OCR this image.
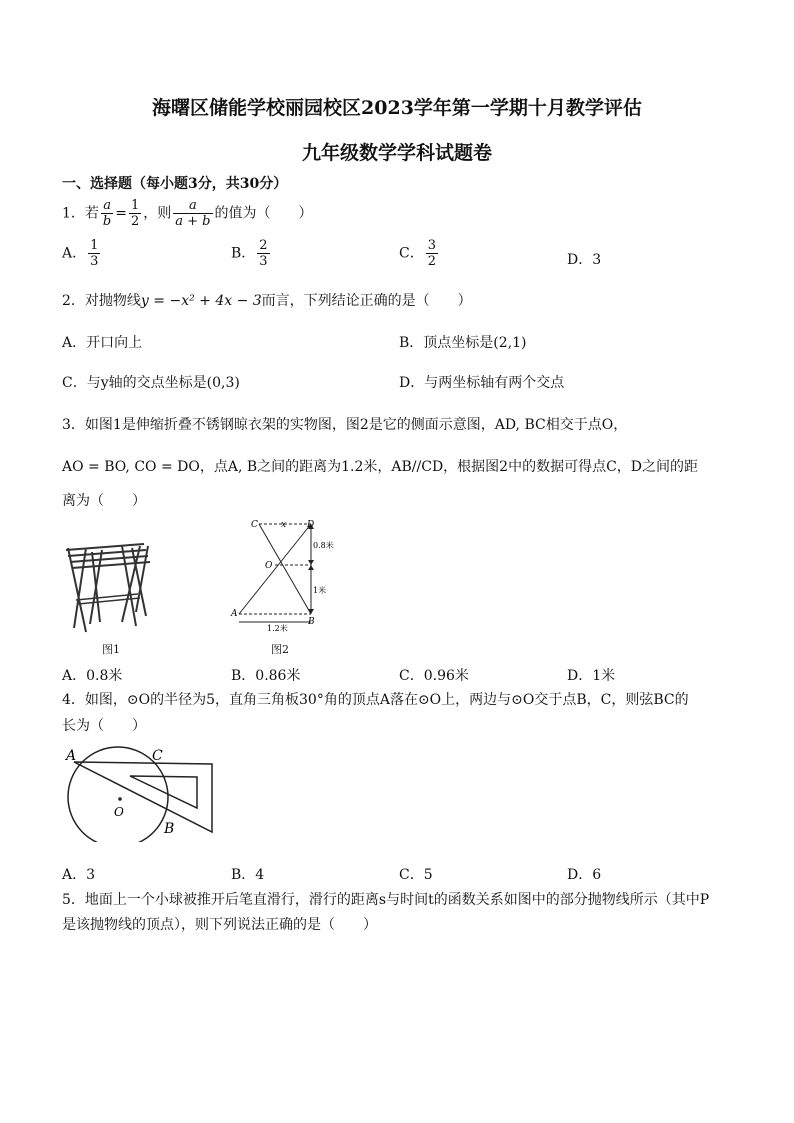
海曙区储能学校丽园校区2023学年第一学期十月教学评估
九年级数学学科试题卷
一、选择题（每小题3分，共30分）
1．若 $\frac{a}{b} = \frac{1}{2}$ ，则 $\frac{a}{a + b}$ 的值为（　　）
A． $\frac{1}{3}$	B． $\frac{2}{3}$	C． $\frac{3}{2}$	D．3
2．对抛物线y = −x² + 4x − 3而言，下列结论正确的是（　　）
A．开口向上	B．顶点坐标是(2,1)
C．与y轴的交点坐标是(0,3)	D．与两坐标轴有两个交点
3．如图1是伸缩折叠不锈钢晾衣架的实物图，图2是它的侧面示意图，AD, BC相交于点O，
AO = BO, CO = DO，点A, B之间的距离为1.2米，AB//CD，根据图2中的数据可得点C，D之间的距
离为（　　）
图1
C	x D
O
0.8米
1米
A
B
1.2米
图2
A．0.8米	B．0.86米	C．0.96米	D．1米
4．如图，⊙O的半径为5，直角三角板30°角的顶点A落在⊙O上，两边与⊙O交于点B，C，则弦BC的
长为（　　）
A	C
O
B
A．3	B．4	C．5	D．6
5．地面上一个小球被推开后笔直滑行，滑行的距离s与时间t的函数关系如图中的部分抛物线所示（其中P
是该抛物线的顶点），则下列说法正确的是（　　）
